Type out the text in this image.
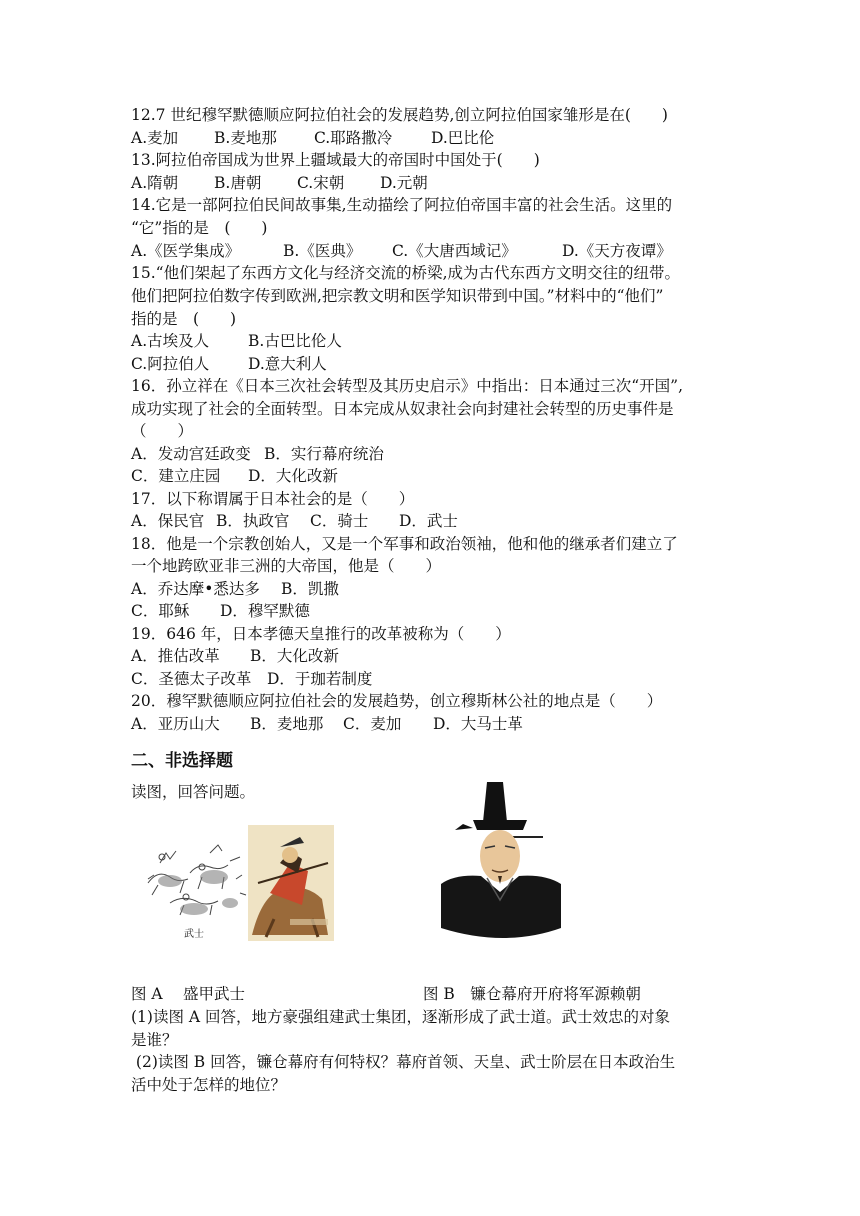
12.7 世纪穆罕默德顺应阿拉伯社会的发展趋势,创立阿拉伯国家雏形是在(　　)
A.麦加 B.麦地那 C.耶路撒冷	D.巴比伦
13.阿拉伯帝国成为世界上疆域最大的帝国时中国处于(　　)
A.隋朝 B.唐朝 C.宋朝 D.元朝
14.它是一部阿拉伯民间故事集,生动描绘了阿拉伯帝国丰富的社会生活。这里的
“它”指的是　(　　)
A.《医学集成》	B.《医典》 C.《大唐西域记》	D.《天方夜谭》
15.“他们架起了东西方文化与经济交流的桥梁,成为古代东西方文明交往的纽带。
他们把阿拉伯数字传到欧洲,把宗教文明和医学知识带到中国。”材料中的“他们”
指的是　(　　)
A.古埃及人	B.古巴比伦人
C.阿拉伯人	D.意大利人
16．孙立祥在《日本三次社会转型及其历史启示》中指出：日本通过三次“开国”,
成功实现了社会的全面转型。日本完成从奴隶社会向封建社会转型的历史事件是
（　　）
A．发动宫廷政变 B．实行幕府统治
C．建立庄园 D．大化改新
17．以下称谓属于日本社会的是（　　）
A．保民官 B．执政官 C．骑士 D．武士
18．他是一个宗教创始人，又是一个军事和政治领袖，他和他的继承者们建立了
一个地跨欧亚非三洲的大帝国，他是（　　）
A．乔达摩•悉达多 B．凯撒
C．耶稣 D．穆罕默德
19．646 年，日本孝德天皇推行的改革被称为（　　）
A．推估改革 B．大化改新
C．圣德太子改革 D．于珈若制度
20．穆罕默德顺应阿拉伯社会的发展趋势，创立穆斯林公社的地点是（　　）
A．亚历山大 B．麦地那 C．麦加 D．大马士革
二、非选择题
读图，回答问题。
武士
图 A　 盛甲武士	图 B　镰仓幕府开府将军源赖朝
(1)读图 A 回答，地方豪强组建武士集团，逐渐形成了武士道。武士效忠的对象
是谁？
(2)读图 B 回答，镰仓幕府有何特权？幕府首领、天皇、武士阶层在日本政治生
活中处于怎样的地位？
